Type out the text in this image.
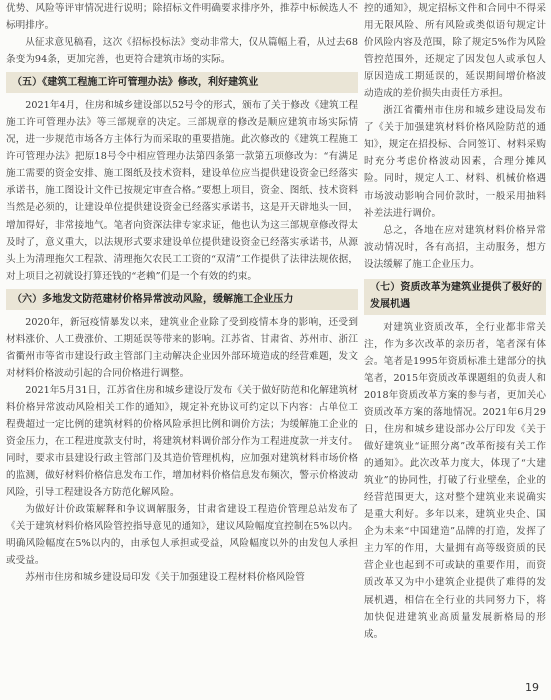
优势、风险等评审情况进行说明；除招标文件明确要求排序外，推荐中标候选人不标明排序。

从征求意见稿看，这次《招标投标法》变动非常大，仅从篇幅上看，从过去68条变为94条，更加完善，也更符合建筑市场的实际。

（五）《建筑工程施工许可管理办法》修改，利好建筑业

2021年4月，住房和城乡建设部以52号令的形式，颁布了关于修改《建筑工程施工许可管理办法》等三部规章的决定。三部规章的修改是顺应建筑市场实际情况，进一步规范市场各方主体行为而采取的重要措施。此次修改的《建筑工程施工许可管理办法》把原18号令中相应管理办法第四条第一款第五项修改为：“有满足施工需要的资金安排、施工图纸及技术资料，建设单位应当提供建设资金已经落实承诺书，施工图设计文件已按规定审查合格。”要想上项目，资金、图纸、技术资料当然是必须的，让建设单位提供建设资金已经落实承诺书，这是开天辟地头一回，增加得好，非常接地气。笔者向资深法律专家求证，他也认为这三部规章修改得太及时了，意义重大，以法规形式要求建设单位提供建设资金已经落实承诺书，从源头上为清理拖欠工程款、清理拖欠农民工工资的“双清”工作提供了法律法规依据，对上项目之初就设打算还钱的“老赖”们是一个有效的约束。

（六）多地发文防范建材价格异常波动风险，缓解施工企业压力

2020年，新冠疫情暴发以来，建筑业企业除了受到疫情本身的影响，还受到材料涨价、人工费涨价、工期延误等带来的影响。江苏省、甘肃省、苏州市、浙江省衢州市等省市建设行政主管部门主动解决企业因外部环境造成的经营难题，发文对材料价格波动引起的合同价格进行调整。

2021年5月31日，江苏省住房和城乡建设厅发布《关于做好防范和化解建筑材料价格异常波动风险相关工作的通知》，规定补充协议可约定以下内容：占单位工程费超过一定比例的建筑材料的价格风险承担比例和调价方法；为缓解施工企业的资金压力，在工程进度款支付时，将建筑材料调价部分作为工程进度款一并支付。同时，要求市县建设行政主管部门及其造价管理机构，应加强对建筑材料市场价格的监测，做好材料价格信息发布工作，增加材料价格信息发布频次，警示价格波动风险，引导工程建设各方防范化解风险。

为做好计价政策解释和争议调解服务，甘肃省建设工程造价管理总站发布了《关于建筑材料价格风险管控指导意见的通知》，建议风险幅度宜控制在5%以内。明确风险幅度在5%以内的，由承包人承担或受益，风险幅度以外的由发包人承担或受益。

苏州市住房和城乡建设局印发《关于加强建设工程材料价格风险管

控的通知》，规定招标文件和合同中不得采用无限风险、所有风险或类似语句规定计价风险内容及范围，除了规定5%作为风险管控范围外，还规定了因发包人或承包人原因造成工期延误的，延误期间增价格波动造成的差价损失由责任方承担。

浙江省衢州市住房和城乡建设局发布了《关于加强建筑材料价格风险防范的通知》，规定在招投标、合同签订、材料采购时充分考虑价格波动因素，合理分摊风险。同时，规定人工、材料、机械价格遇市场波动影响合同价款时，一般采用抽料补差法进行调价。

总之，各地在应对建筑材料价格异常波动情况时，各有高招，主动服务，想方设法缓解了施工企业压力。

（七）资质改革为建筑业提供了极好的发展机遇

对建筑业资质改革，全行业都非常关注，作为多次改革的亲历者，笔者深有体会。笔者是1995年资质标准土建部分的执笔者，2015年资质改革课题组的负责人和2018年资质改革方案的参与者，更加关心资质改革方案的落地情况。2021年6月29日，住房和城乡建设部办公厅印发《关于做好建筑业“证照分离”改革衔接有关工作的通知》。此次改革力度大，体现了“大建筑业”的协同性，打破了行业壁垒，企业的经营范围更大，这对整个建筑业来说确实是重大利好。多年以来，建筑业央企、国企为未来“中国建造”品牌的打造，发挥了主力军的作用，大量拥有高等级资质的民营企业也起到不可或缺的重要作用，而资质改革又为中小建筑企业提供了难得的发展机遇，相信在全行业的共同努力下，将加快促进建筑业高质量发展新格局的形成。

19
